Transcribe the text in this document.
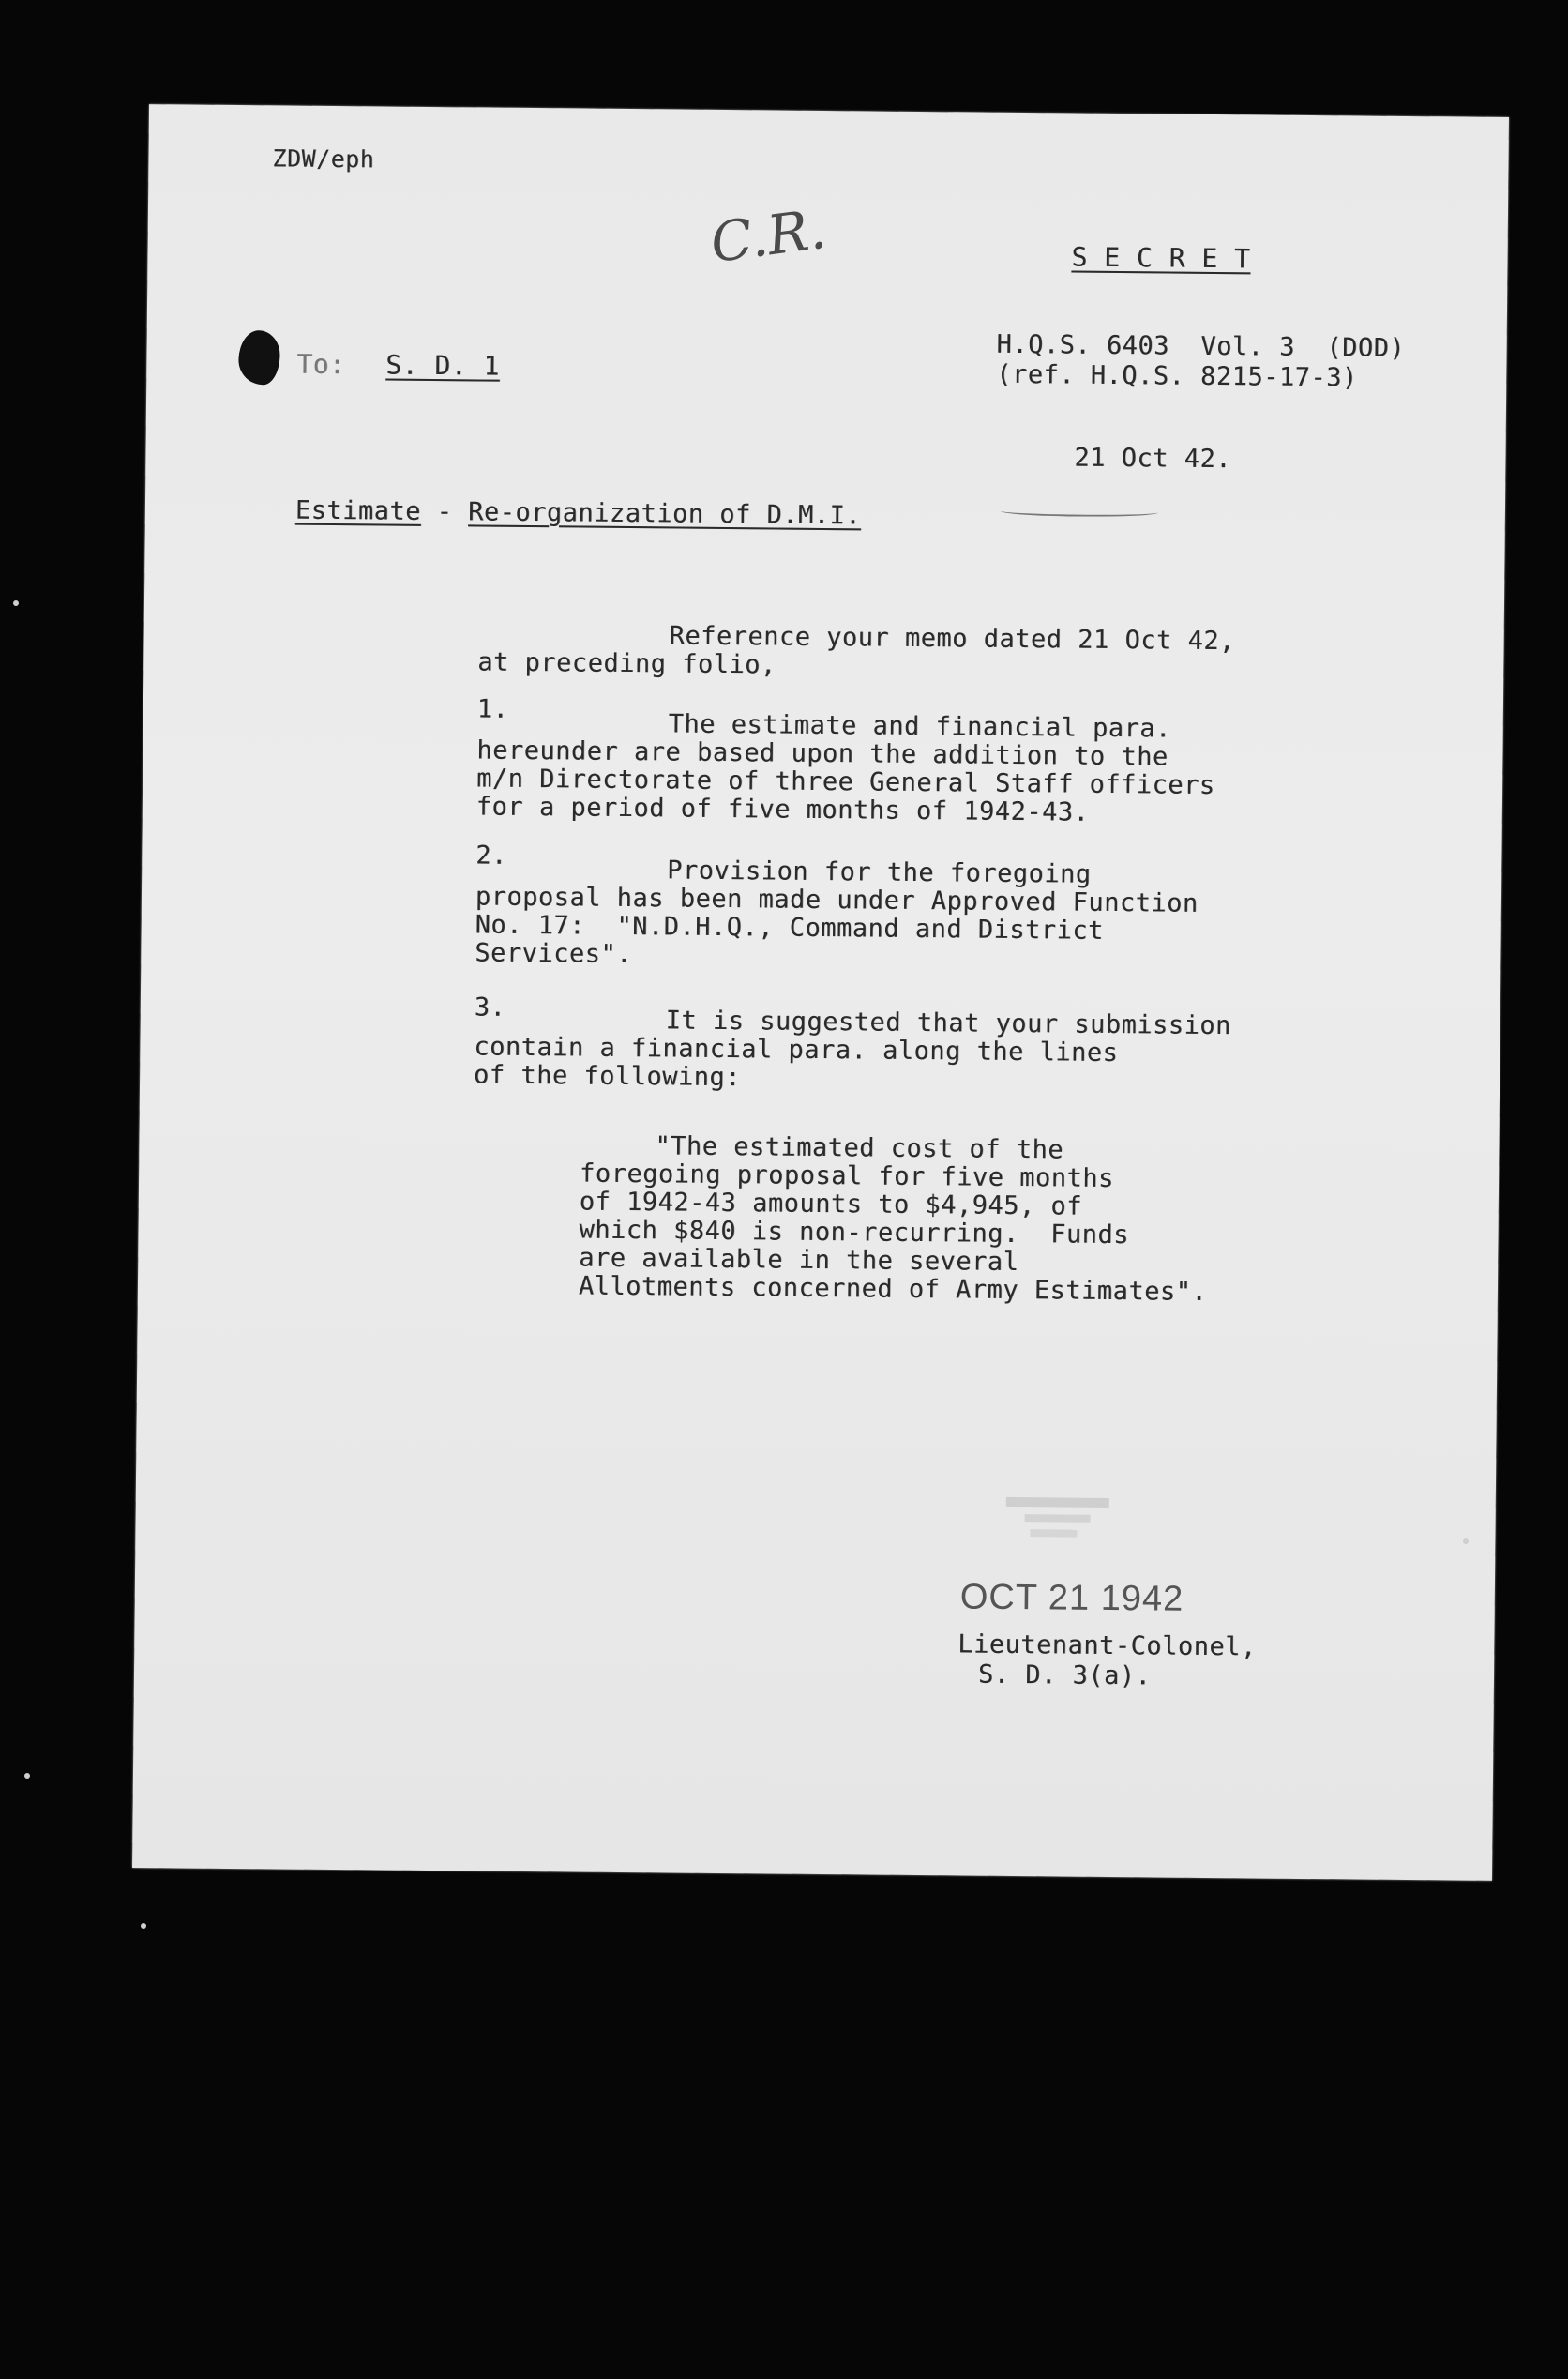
ZDW/eph
C.R.	S E C R E T
To: S. D. 1
H.Q.S. 6403  Vol. 3  (DOD)
(ref. H.Q.S. 8215-17-3)
21 Oct 42.
Estimate - Re-organization of D.M.I.
Reference your memo dated 21 Oct 42,
at preceding folio,
1.
The estimate and financial para.
hereunder are based upon the addition to the
m/n Directorate of three General Staff officers
for a period of five months of 1942-43.
2.
Provision for the foregoing
proposal has been made under Approved Function
No. 17:  "N.D.H.Q., Command and District
Services".
3.	It is suggested that your submission
contain a financial para. along the lines
of the following:
"The estimated cost of the
foregoing proposal for five months
of 1942-43 amounts to $4,945, of
which $840 is non-recurring.  Funds
are available in the several
Allotments concerned of Army Estimates".
OCT 21 1942
Lieutenant-Colonel,
S. D. 3(a).
